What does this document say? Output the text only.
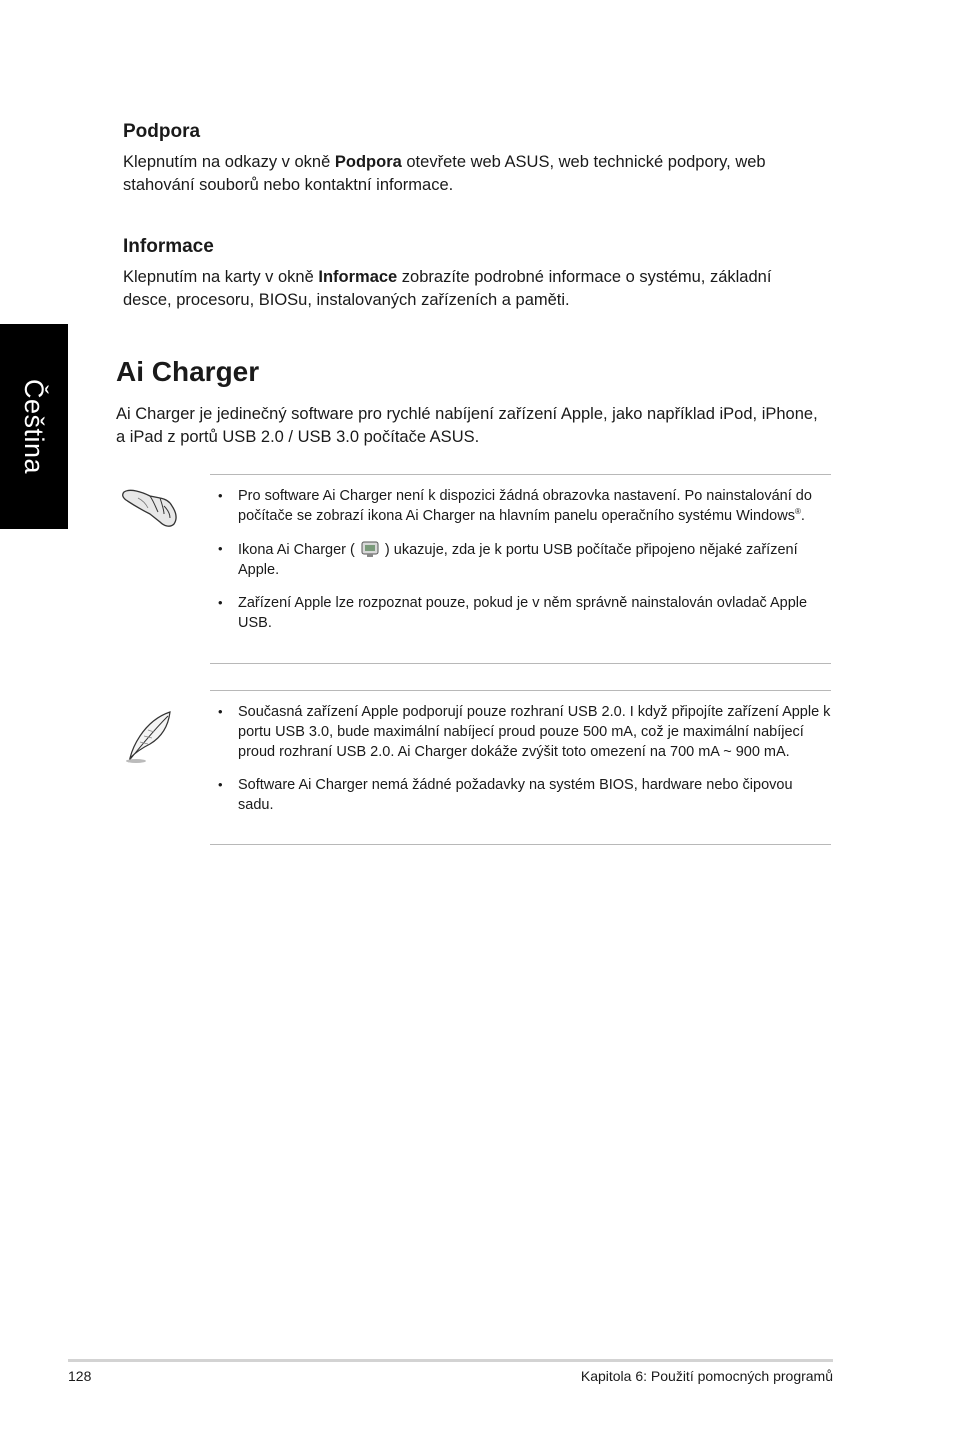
Čeština
Podpora

Klepnutím na odkazy v okně Podpora otevřete web ASUS, web technické podpory, web stahování souborů nebo kontaktní informace.

Informace

Klepnutím na karty v okně Informace zobrazíte podrobné informace o systému, základní desce, procesoru, BIOSu, instalovaných zařízeních a paměti.

Ai Charger

Ai Charger je jedinečný software pro rychlé nabíjení zařízení Apple, jako například iPod, iPhone, a iPad z portů USB 2.0 / USB 3.0 počítače ASUS.

• Pro software Ai Charger není k dispozici žádná obrazovka nastavení. Po nainstalování do počítače se zobrazí ikona Ai Charger na hlavním panelu operačního systému Windows®.
• Ikona Ai Charger (  ) ukazuje, zda je k portu USB počítače připojeno nějaké zařízení Apple.
• Zařízení Apple lze rozpoznat pouze, pokud je v něm správně nainstalován ovladač Apple USB.
• Současná zařízení Apple podporují pouze rozhraní USB 2.0. I když připojíte zařízení Apple k portu USB 3.0, bude maximální nabíjecí proud pouze 500 mA, což je maximální nabíjecí proud rozhraní USB 2.0. Ai Charger dokáže zvýšit toto omezení na 700 mA ~ 900 mA.
• Software Ai Charger nemá žádné požadavky na systém BIOS, hardware nebo čipovou sadu.
128	Kapitola 6: Použití pomocných programů
